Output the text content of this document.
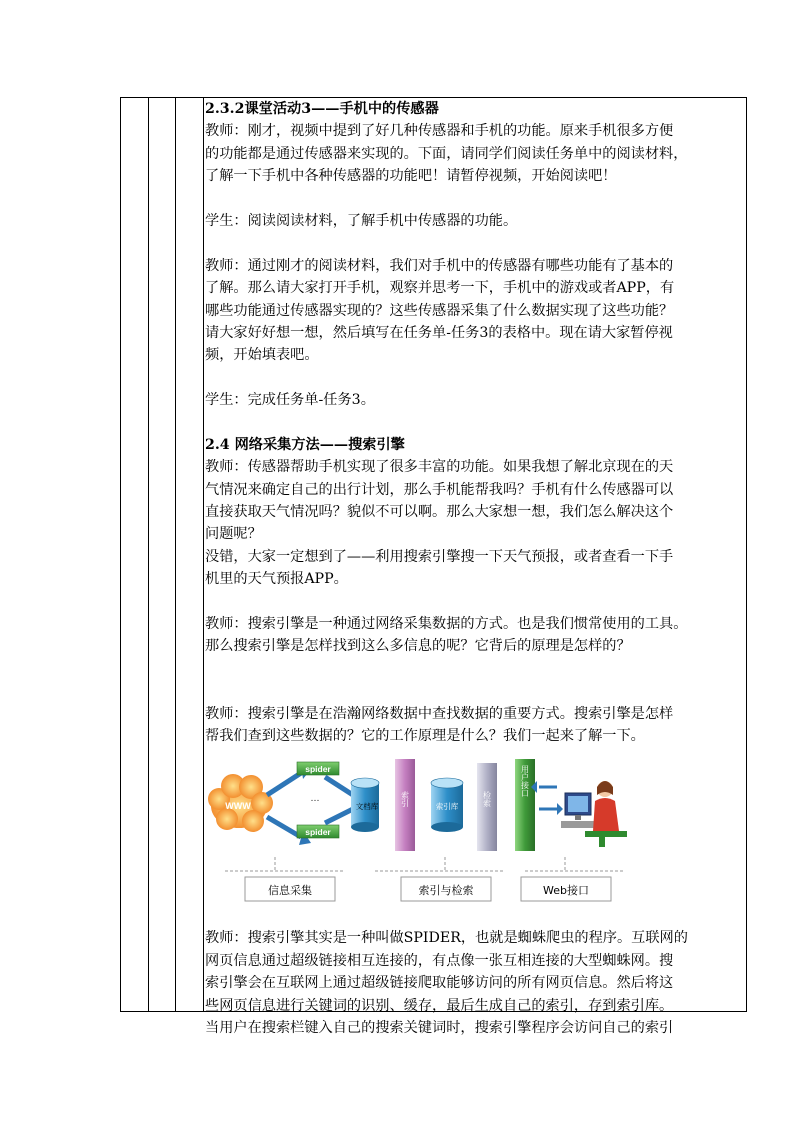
2.3.2课堂活动3——手机中的传感器

教师：刚才，视频中提到了好几种传感器和手机的功能。原来手机很多方便

的功能都是通过传感器来实现的。下面，请同学们阅读任务单中的阅读材料，

了解一下手机中各种传感器的功能吧！请暂停视频，开始阅读吧！

学生：阅读阅读材料，了解手机中传感器的功能。

教师：通过刚才的阅读材料，我们对手机中的传感器有哪些功能有了基本的

了解。那么请大家打开手机，观察并思考一下，手机中的游戏或者APP，有

哪些功能通过传感器实现的？这些传感器采集了什么数据实现了这些功能？

请大家好好想一想，然后填写在任务单-任务3的表格中。现在请大家暂停视

频，开始填表吧。

学生：完成任务单-任务3。

2.4 网络采集方法——搜索引擎

教师：传感器帮助手机实现了很多丰富的功能。如果我想了解北京现在的天

气情况来确定自己的出行计划，那么手机能帮我吗？手机有什么传感器可以

直接获取天气情况吗？貌似不可以啊。那么大家想一想，我们怎么解决这个

问题呢？

没错，大家一定想到了——利用搜索引擎搜一下天气预报，或者查看一下手

机里的天气预报APP。

教师：搜索引擎是一种通过网络采集数据的方式。也是我们惯常使用的工具。

那么搜索引擎是怎样找到这么多信息的呢？它背后的原理是怎样的？

教师：搜索引擎是在浩瀚网络数据中查找数据的重要方式。搜索引擎是怎样

帮我们查到这些数据的？它的工作原理是什么？我们一起来了解一下。

WWW
spider
spider
…
文档库	索引	索引库	检索
用户接口
信息采集	索引与检索	Web接口

教师：搜索引擎其实是一种叫做SPIDER，也就是蜘蛛爬虫的程序。互联网的

网页信息通过超级链接相互连接的，有点像一张互相连接的大型蜘蛛网。搜

索引擎会在互联网上通过超级链接爬取能够访问的所有网页信息。然后将这

些网页信息进行关键词的识别、缓存，最后生成自己的索引，存到索引库。

当用户在搜索栏键入自己的搜索关键词时，搜索引擎程序会访问自己的索引
